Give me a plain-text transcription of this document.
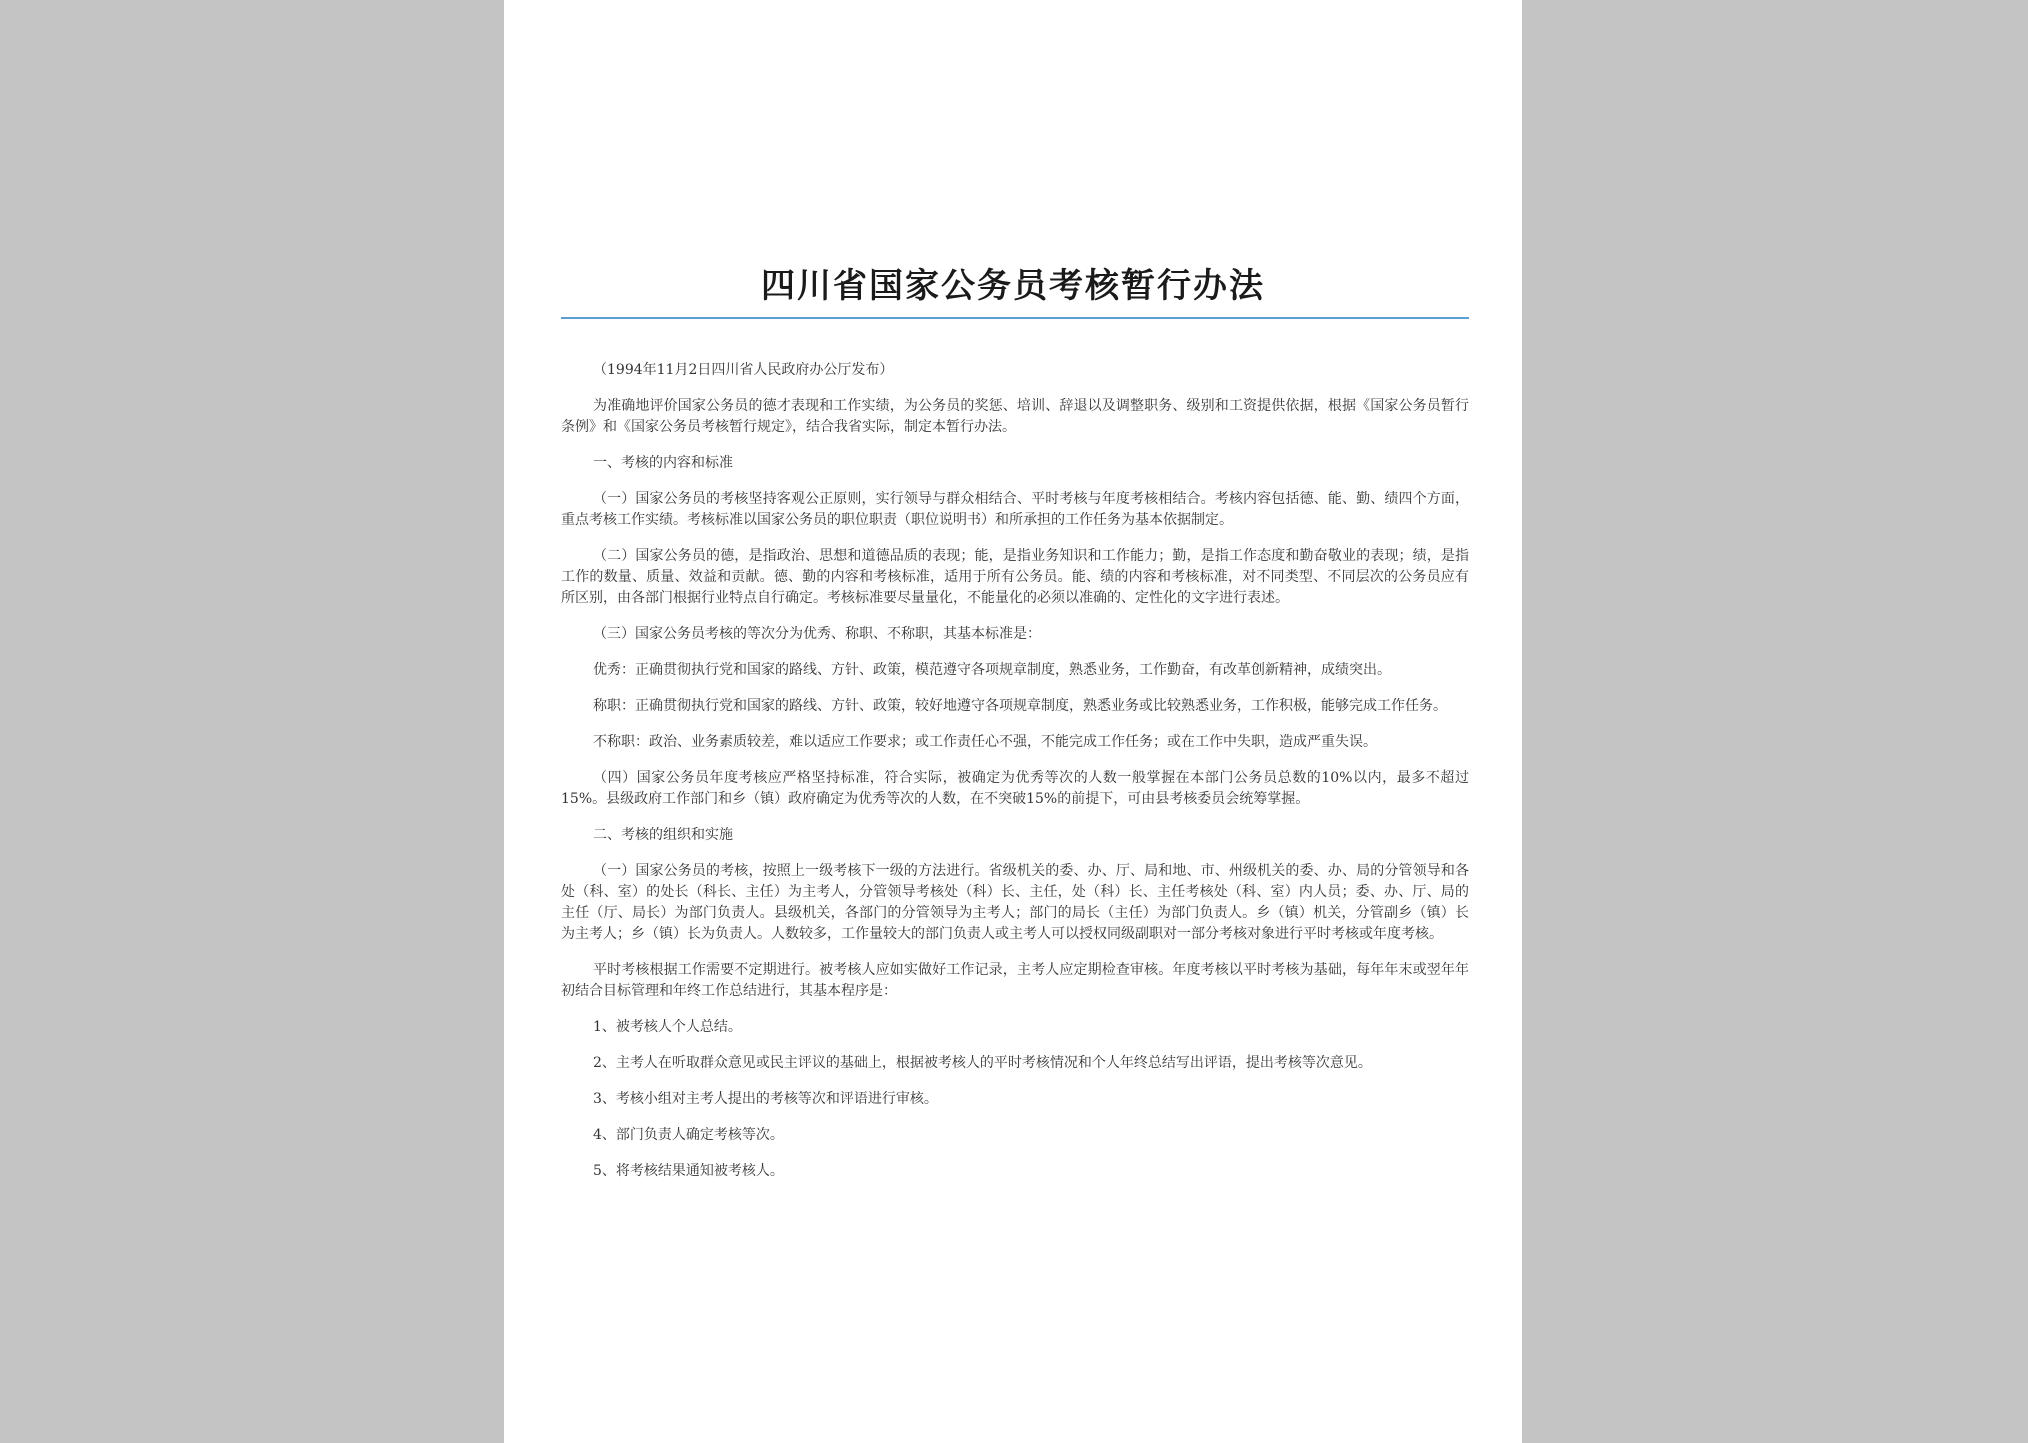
四川省国家公务员考核暂行办法

（1994年11月2日四川省人民政府办公厅发布）

为准确地评价国家公务员的德才表现和工作实绩，为公务员的奖惩、培训、辞退以及调整职务、级别和工资提供依据，根据《国家公务员暂行条例》和《国家公务员考核暂行规定》，结合我省实际，制定本暂行办法。

一、考核的内容和标准

（一）国家公务员的考核坚持客观公正原则，实行领导与群众相结合、平时考核与年度考核相结合。考核内容包括德、能、勤、绩四个方面，重点考核工作实绩。考核标准以国家公务员的职位职责（职位说明书）和所承担的工作任务为基本依据制定。

（二）国家公务员的德，是指政治、思想和道德品质的表现；能，是指业务知识和工作能力；勤，是指工作态度和勤奋敬业的表现；绩，是指工作的数量、质量、效益和贡献。德、勤的内容和考核标准，适用于所有公务员。能、绩的内容和考核标准，对不同类型、不同层次的公务员应有所区别，由各部门根据行业特点自行确定。考核标准要尽量量化，不能量化的必须以准确的、定性化的文字进行表述。

（三）国家公务员考核的等次分为优秀、称职、不称职，其基本标准是：

优秀：正确贯彻执行党和国家的路线、方针、政策，模范遵守各项规章制度，熟悉业务，工作勤奋，有改革创新精神，成绩突出。

称职：正确贯彻执行党和国家的路线、方针、政策，较好地遵守各项规章制度，熟悉业务或比较熟悉业务，工作积极，能够完成工作任务。

不称职：政治、业务素质较差，难以适应工作要求；或工作责任心不强，不能完成工作任务；或在工作中失职，造成严重失误。

（四）国家公务员年度考核应严格坚持标准，符合实际，被确定为优秀等次的人数一般掌握在本部门公务员总数的10%以内，最多不超过15%。县级政府工作部门和乡（镇）政府确定为优秀等次的人数，在不突破15%的前提下，可由县考核委员会统筹掌握。

二、考核的组织和实施

（一）国家公务员的考核，按照上一级考核下一级的方法进行。省级机关的委、办、厅、局和地、市、州级机关的委、办、局的分管领导和各处（科、室）的处长（科长、主任）为主考人，分管领导考核处（科）长、主任，处（科）长、主任考核处（科、室）内人员；委、办、厅、局的主任（厅、局长）为部门负责人。县级机关，各部门的分管领导为主考人；部门的局长（主任）为部门负责人。乡（镇）机关，分管副乡（镇）长为主考人；乡（镇）长为负责人。人数较多，工作量较大的部门负责人或主考人可以授权同级副职对一部分考核对象进行平时考核或年度考核。

平时考核根据工作需要不定期进行。被考核人应如实做好工作记录，主考人应定期检查审核。年度考核以平时考核为基础，每年年末或翌年年初结合目标管理和年终工作总结进行，其基本程序是：

1、被考核人个人总结。

2、主考人在听取群众意见或民主评议的基础上，根据被考核人的平时考核情况和个人年终总结写出评语，提出考核等次意见。

3、考核小组对主考人提出的考核等次和评语进行审核。

4、部门负责人确定考核等次。

5、将考核结果通知被考核人。
